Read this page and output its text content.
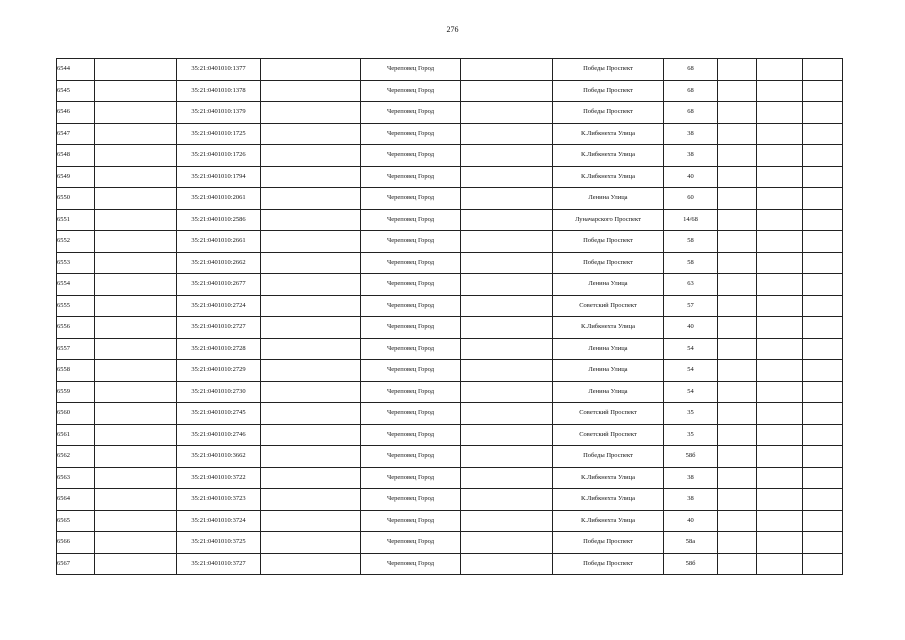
276
6544		35:21:0401010:1377		Череповец Город		Победы Проспект	68			
6545		35:21:0401010:1378		Череповец Город		Победы Проспект	68			
6546		35:21:0401010:1379		Череповец Город		Победы Проспект	68			
6547		35:21:0401010:1725		Череповец Город		К.Либкнехта Улица	38			
6548		35:21:0401010:1726		Череповец Город		К.Либкнехта Улица	38			
6549		35:21:0401010:1794		Череповец Город		К.Либкнехта Улица	40			
6550		35:21:0401010:2061		Череповец Город		Ленина Улица	60			
6551		35:21:0401010:2586		Череповец Город		Луначарского Проспект	14/68			
6552		35:21:0401010:2661		Череповец Город		Победы Проспект	58			
6553		35:21:0401010:2662		Череповец Город		Победы Проспект	58			
6554		35:21:0401010:2677		Череповец Город		Ленина Улица	63			
6555		35:21:0401010:2724		Череповец Город		Советский Проспект	57			
6556		35:21:0401010:2727		Череповец Город		К.Либкнехта Улица	40			
6557		35:21:0401010:2728		Череповец Город		Ленина Улица	54			
6558		35:21:0401010:2729		Череповец Город		Ленина Улица	54			
6559		35:21:0401010:2730		Череповец Город		Ленина Улица	54			
6560		35:21:0401010:2745		Череповец Город		Советский Проспект	35			
6561		35:21:0401010:2746		Череповец Город		Советский Проспект	35			
6562		35:21:0401010:3662		Череповец Город		Победы Проспект	58б			
6563		35:21:0401010:3722		Череповец Город		К.Либкнехта Улица	38			
6564		35:21:0401010:3723		Череповец Город		К.Либкнехта Улица	38			
6565		35:21:0401010:3724		Череповец Город		К.Либкнехта Улица	40			
6566		35:21:0401010:3725		Череповец Город		Победы Проспект	58а			
6567		35:21:0401010:3727		Череповец Город		Победы Проспект	58б			
